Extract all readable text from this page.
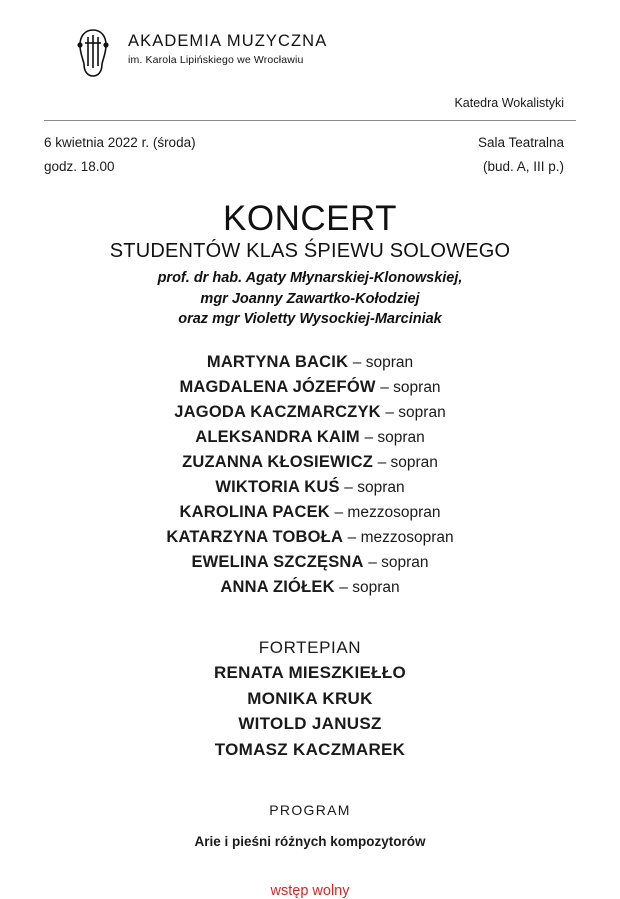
AKADEMIA MUZYCZNA
im. Karola Lipińskiego we Wrocławiu
Katedra Wokalistyki
6 kwietnia 2022 r. (środa)	Sala Teatralna
godz. 18.00	(bud. A, III p.)
KONCERT
STUDENTÓW KLAS ŚPIEWU SOLOWEGO
prof. dr hab. Agaty Młynarskiej-Klonowskiej,
mgr Joanny Zawartko-Kołodziej
oraz mgr Violetty Wysockiej-Marciniak
MARTYNA BACIK – sopran
MAGDALENA JÓZEFÓW – sopran
JAGODA KACZMARCZYK – sopran
ALEKSANDRA KAIM – sopran
ZUZANNA KŁOSIEWICZ – sopran
WIKTORIA KUŚ – sopran
KAROLINA PACEK – mezzosopran
KATARZYNA TOBOŁA – mezzosopran
EWELINA SZCZĘSNA – sopran
ANNA ZIÓŁEK – sopran
FORTEPIAN
RENATA MIESZKIEŁŁO
MONIKA KRUK
WITOLD JANUSZ
TOMASZ KACZMAREK
PROGRAM
Arie i pieśni różnych kompozytorów
wstęp wolny
